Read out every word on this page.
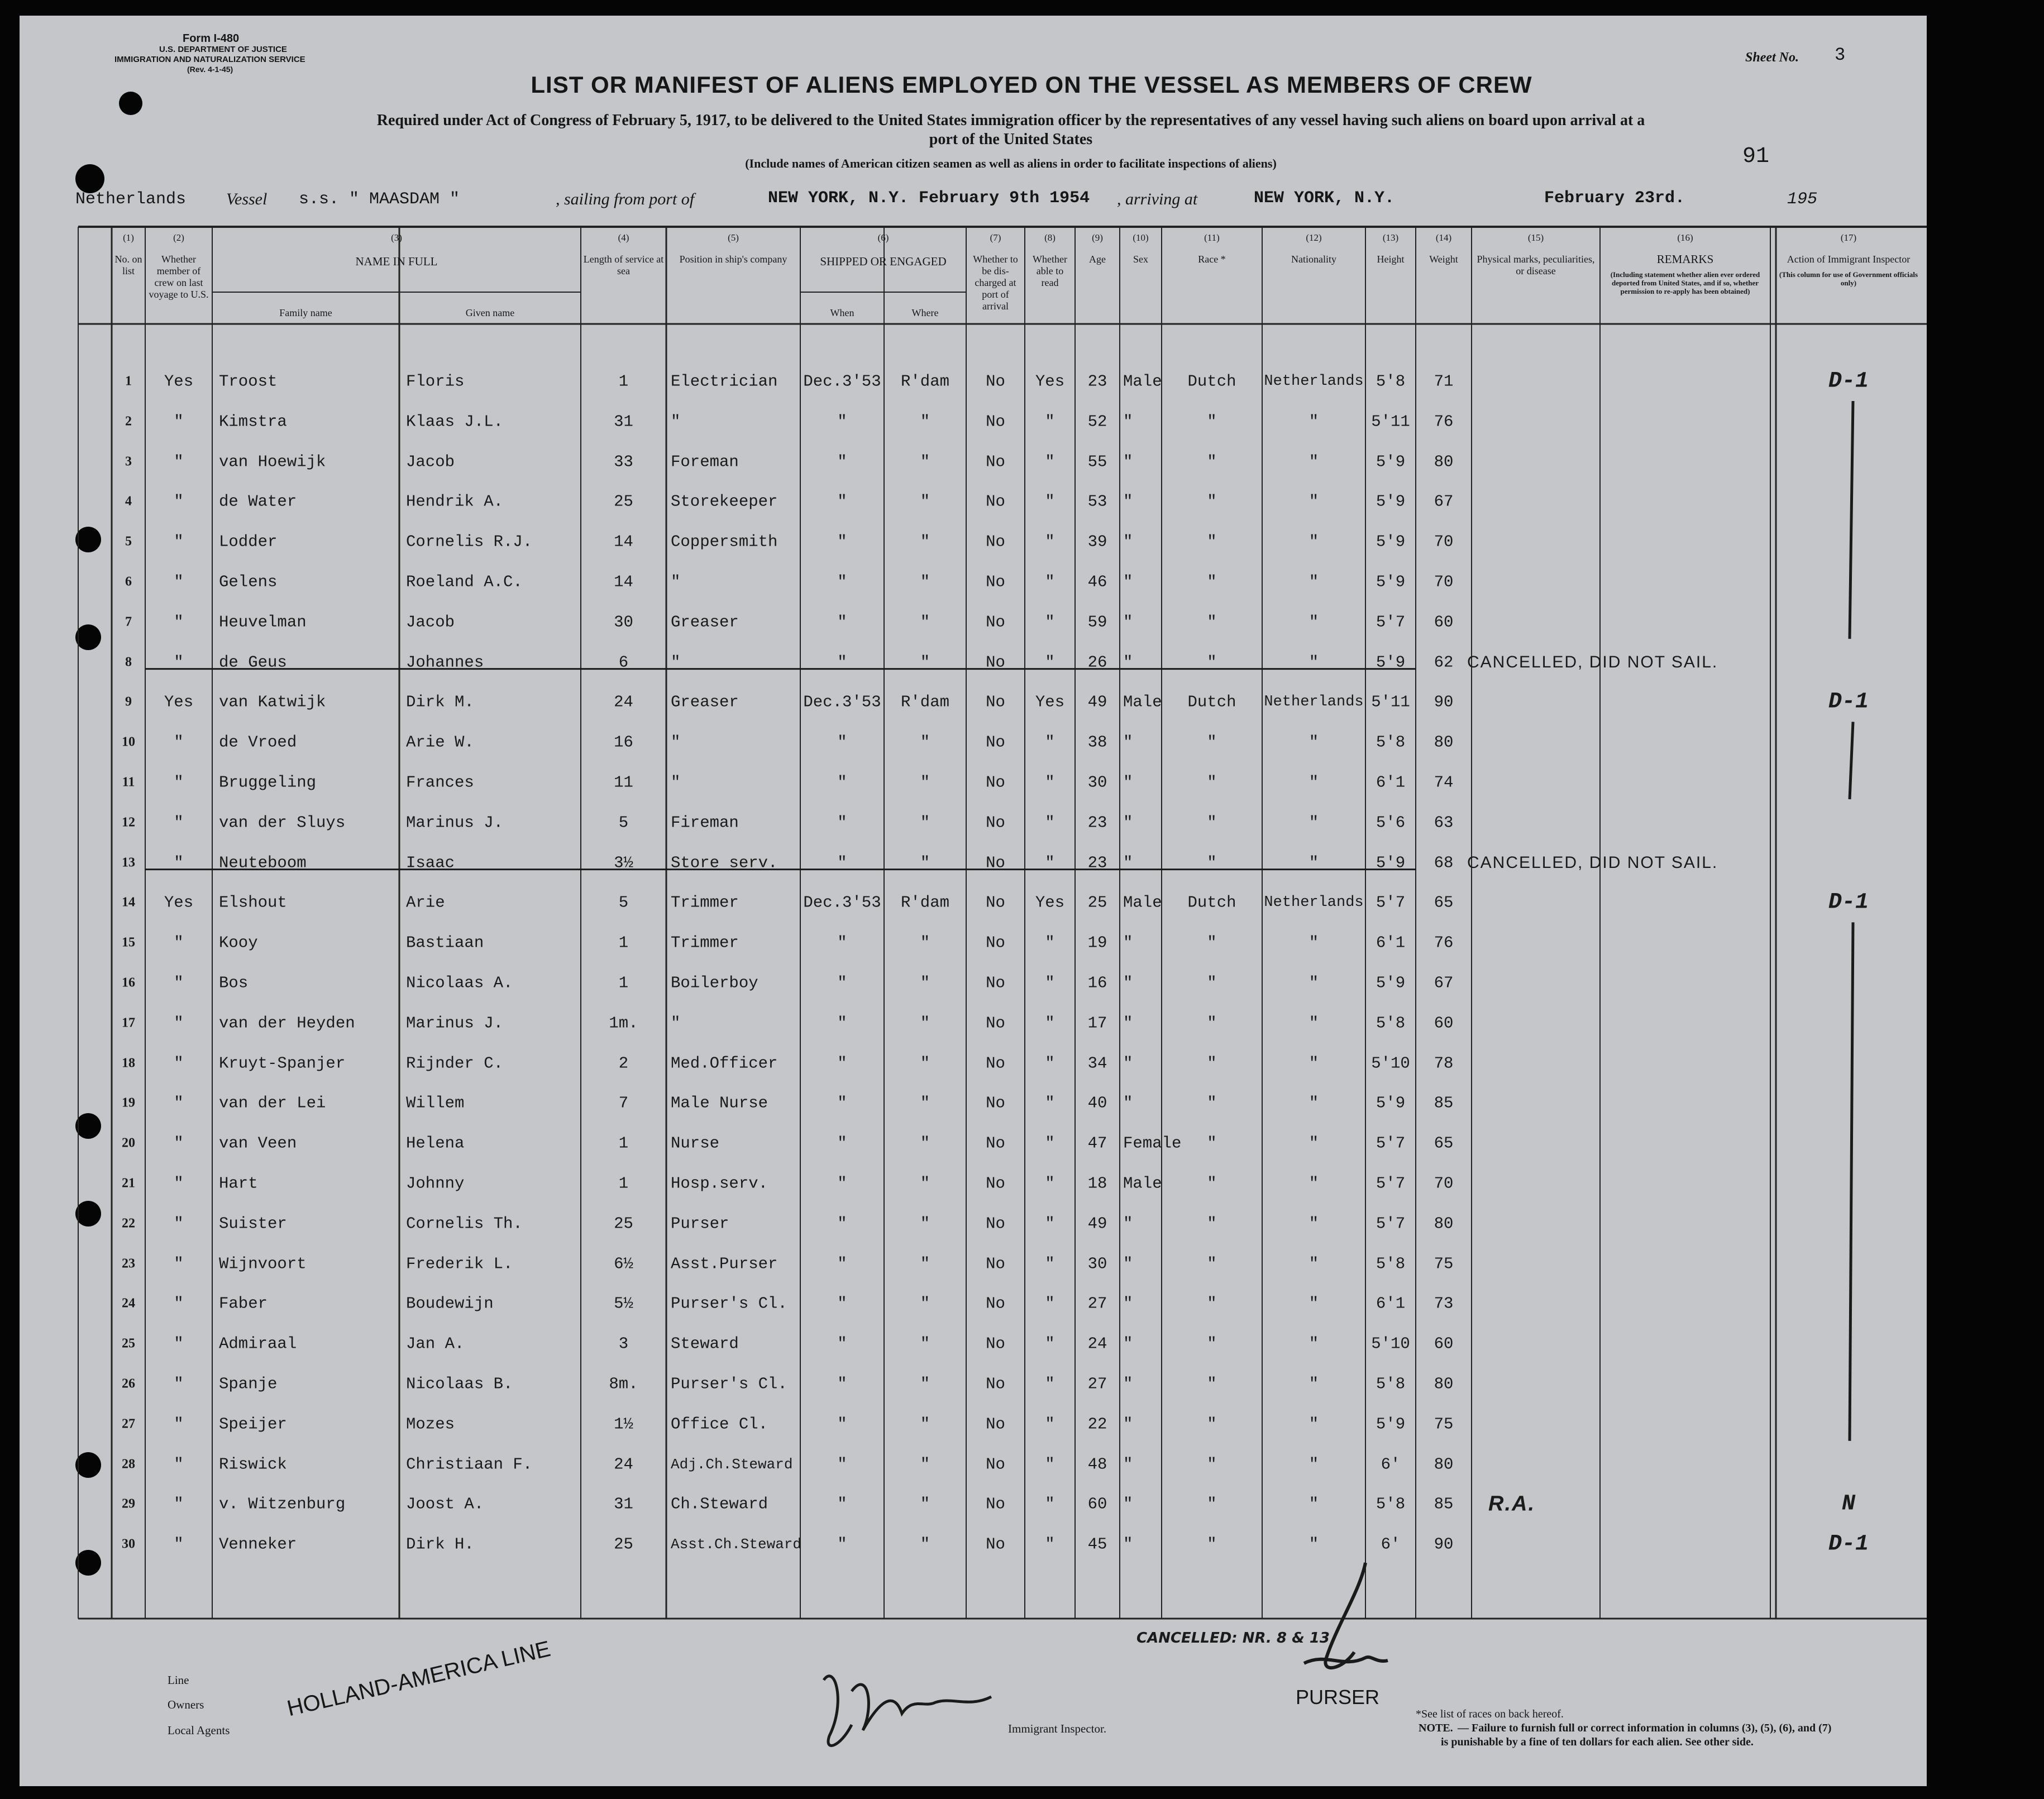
Form I-480
U.S. DEPARTMENT OF JUSTICE
IMMIGRATION AND NATURALIZATION SERVICE
(Rev. 4-1-45)
Sheet No. 3
91
LIST OR MANIFEST OF ALIENS EMPLOYED ON THE VESSEL AS MEMBERS OF CREW
Required under Act of Congress of February 5, 1917, to be delivered to the United States immigration officer by the representatives of any vessel having such aliens on board upon arrival at a
port of the United States
(Include names of American citizen seamen as well as aliens in order to facilitate inspections of aliens)
Netherlands Vessel s.s. " MAASDAM "	, sailing from port of	NEW YORK, N.Y. February 9th 1954 , arriving at	NEW YORK, N.Y.	February 23rd.	195
(1)
No. on list
(2)
Whether member of crew on last voyage to U.S.
(3)
NAME IN FULL
Family name	Given name
(4)
Length of service at sea
(5)
Position in ship's company
(6)
SHIPPED OR ENGAGED
When	Where
(7)
Whether to be dis-charged at port of arrival
(8)
Whether able to read
(9)
Age
(10)
Sex
(11)
Race *
(12)
Nationality
(13)
Height
(14)
Weight
(15)
Physical marks, peculiarities, or disease
(16)
REMARKS
(Including statement whether alien ever ordered deported from United States, and if so, whether permission to re-apply has been obtained)
(17)
Action of Immigrant Inspector
(This column for use of Government officials only)
1 Yes Troost	Floris	1	Electrician Dec.3'53 R'dam No Yes 23 Male Dutch Netherlands 5'8 71	D-1
2	" Kimstra	Klaas J.L.	31 "	"	"	No " 52 "	"	"	5'11 76
3	" van Hoewijk	Jacob	33 Foreman	"	"	No " 55 "	"	"	5'9 80
4	" de Water	Hendrik A.	25 Storekeeper	"	"	No " 53 "	"	"	5'9 67
5	" Lodder	Cornelis R.J.	14 Coppersmith	"	"	No " 39 "	"	"	5'9 70
6	" Gelens	Roeland A.C.	14 "	"	"	No " 46 "	"	"	5'9 70
7	" Heuvelman	Jacob	30 Greaser	"	"	No " 59 "	"	"	5'7 60
8	" de Geus	Johannes	6	"	"	"	No " 26 "	"	"	5'9 62 CANCELLED, DID NOT SAIL.
9 Yes van Katwijk	Dirk M.	24 Greaser	Dec.3'53 R'dam No Yes 49 Male Dutch Netherlands 5'11 90	D-1
10 " de Vroed	Arie W.	16 "	"	"	No " 38 "	"	"	5'8 80
11 " Bruggeling	Frances	11 "	"	"	No " 30 "	"	"	6'1 74
12 " van der Sluys	Marinus J.	5	Fireman	"	"	No " 23 "	"	"	5'6 63
13 " Neuteboom	Isaac	3½ Store serv.	"	"	No " 23 "	"	"	5'9 68 CANCELLED, DID NOT SAIL.
14 Yes Elshout	Arie	5	Trimmer	Dec.3'53 R'dam No Yes 25 Male Dutch Netherlands 5'7 65	D-1
15 " Kooy	Bastiaan	1	Trimmer	"	"	No " 19 "	"	"	6'1 76
16 " Bos	Nicolaas A.	1	Boilerboy	"	"	No " 16 "	"	"	5'9 67
17 " van der Heyden	Marinus J.	1m. "	"	"	No " 17 "	"	"	5'8 60
18 " Kruyt-Spanjer	Rijnder C.	2	Med.Officer	"	"	No " 34 "	"	"	5'10 78
19 " van der Lei	Willem	7	Male Nurse	"	"	No " 40 "	"	"	5'9 85
20 " van Veen	Helena	1	Nurse	"	"	No " 47 Female "	"	5'7 65
21 " Hart	Johnny	1	Hosp.serv.	"	"	No " 18 Male	"	"	5'7 70
22 " Suister	Cornelis Th.	25 Purser	"	"	No " 49 "	"	"	5'7 80
23 " Wijnvoort	Frederik L.	6½ Asst.Purser	"	"	No " 30 "	"	"	5'8 75
24 " Faber	Boudewijn	5½ Purser's Cl.	"	"	No " 27 "	"	"	6'1 73
25 " Admiraal	Jan A.	3	Steward	"	"	No " 24 "	"	"	5'10 60
26 " Spanje	Nicolaas B.	8m. Purser's Cl.	"	"	No " 27 "	"	"	5'8 80
27 " Speijer	Mozes	1½ Office Cl.	"	"	No " 22 "	"	"	5'9 75
28 " Riswick	Christiaan F.	24	Adj.Ch.Steward	"	"	No " 48 "	"	"	6' 80
29 " v. Witzenburg	Joost A.	31 Ch.Steward	"	"	No " 60 "	"	"	5'8 85 R.A.	N
30 " Venneker	Dirk H.	25	Asst.Ch.Steward "	"	No " 45 "	"	"	6' 90	D-1
Line
Owners
Local Agents
HOLLAND-AMERICA LINE
Immigrant Inspector.
CANCELLED: NR. 8 & 13
PURSER
*See list of races on back hereof.
NOTE. — Failure to furnish full or correct information in columns (3), (5), (6), and (7)
is punishable by a fine of ten dollars for each alien. See other side.
